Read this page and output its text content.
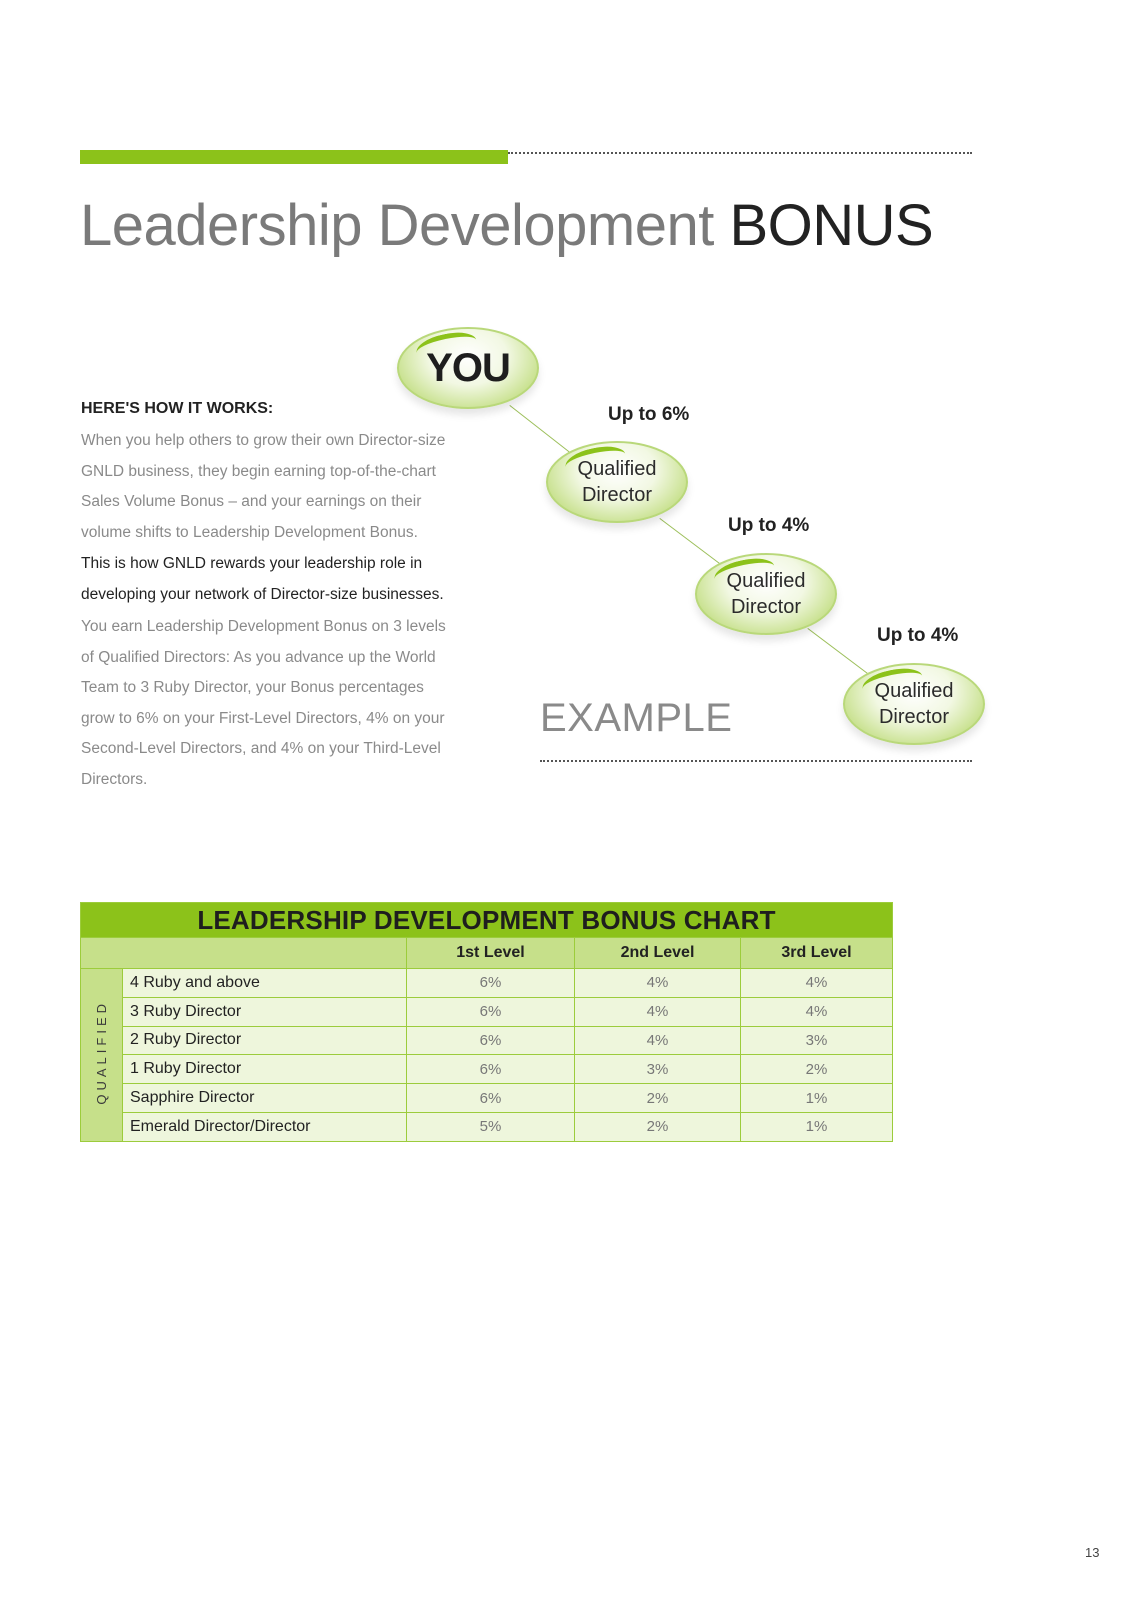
Leadership Development BONUS
HERE'S HOW IT WORKS:

When you help others to grow their own Director-size GNLD business, they begin earning top-of-the-chart Sales Volume Bonus – and your earnings on their volume shifts to Leadership Development Bonus.

This is how GNLD rewards your leadership role in developing your network of Director-size businesses.

You earn Leadership Development Bonus on 3 levels of Qualified Directors: As you advance up the World Team to 3 Ruby Director, your Bonus percentages grow to 6% on your First-Level Directors, 4% on your Second-Level Directors, and 4% on your Third-Level Directors.

YOU
Up to 6%
Qualified
Director
Up to 4%
Qualified
Director
Up to 4%
Qualified
Director
EXAMPLE
LEADERSHIP DEVELOPMENT BONUS CHART				
		1st Level	2nd Level	3rd Level
QUALIFIED	4 Ruby and above	6%	4%	4%
	3 Ruby Director	6%	4%	4%
	2 Ruby Director	6%	4%	3%
	1 Ruby Director	6%	3%	2%
	Sapphire Director	6%	2%	1%
	Emerald Director/Director	5%	2%	1%
13
